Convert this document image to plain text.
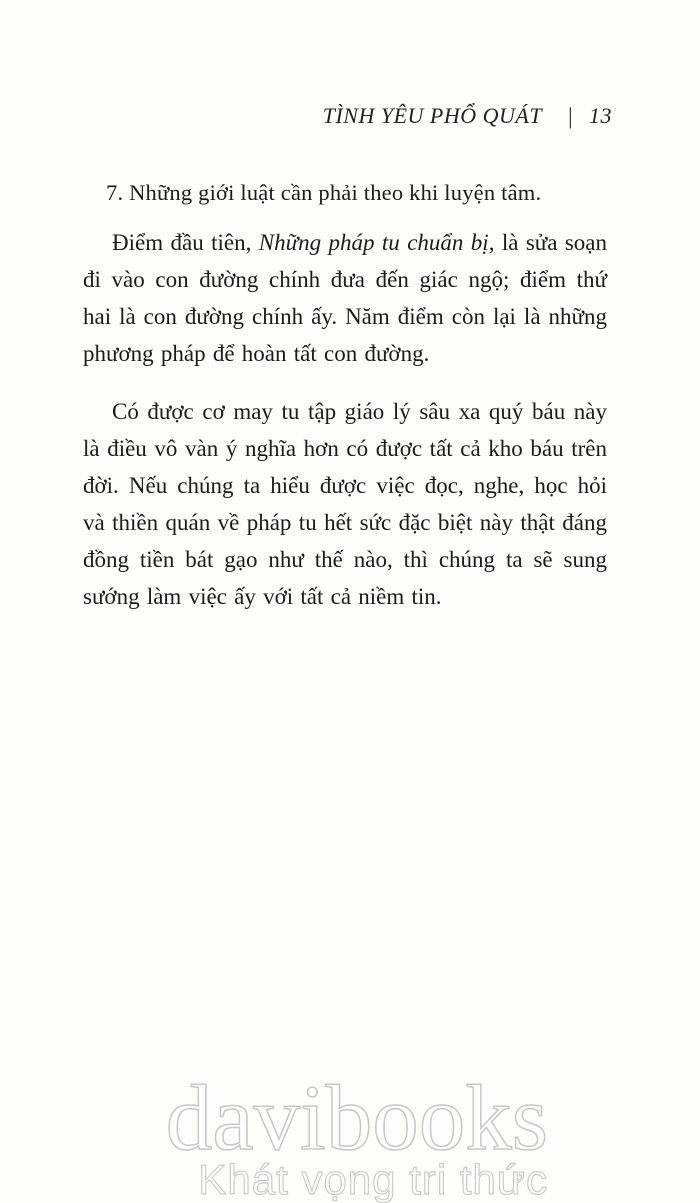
TÌNH YÊU PHỔ QUÁT | 13
7. Những giới luật cần phải theo khi luyện tâm.

Điểm đầu tiên, Những pháp tu chuẩn bị, là sửa soạn đi vào con đường chính đưa đến giác ngộ; điểm thứ hai là con đường chính ấy. Năm điểm còn lại là những phương pháp để hoàn tất con đường.

Có được cơ may tu tập giáo lý sâu xa quý báu này là điều vô vàn ý nghĩa hơn có được tất cả kho báu trên đời. Nếu chúng ta hiểu được việc đọc, nghe, học hỏi và thiền quán về pháp tu hết sức đặc biệt này thật đáng đồng tiền bát gạo như thế nào, thì chúng ta sẽ sung sướng làm việc ấy với tất cả niềm tin.

davibooks
Khát vọng tri thức
